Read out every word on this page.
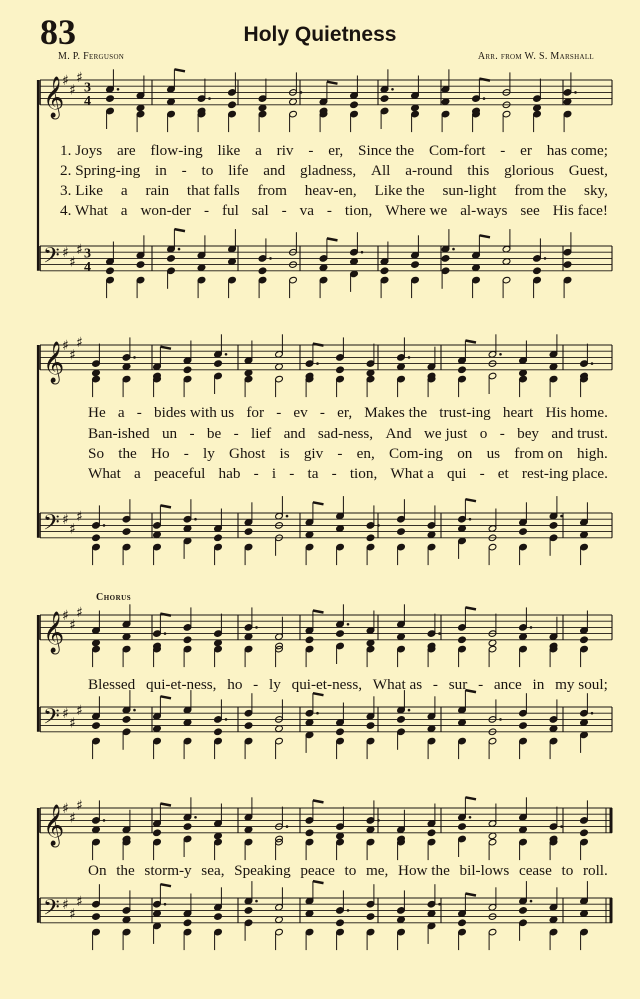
𝄞
♯
♯
♯
3
4
𝄢 ♯
♯
♯ 3
4
𝄞
♯
♯
♯
𝄢 ♯
♯
♯
𝄞
♯
♯
♯
𝄢 ♯
♯
♯
𝄞
♯
♯
♯
𝄢 ♯
♯
♯
83	Holy Quietness
M. P. Ferguson	Arr. from W. S. Marshall
1. Joys are flow-ing like a riv - er, Since the Com-fort - er has come;
2. Spring-ing in - to life and gladness, All a-round this glorious Guest,
3. Like a rain that falls from heav-en, Like the sun-light from the sky,
4. What a won-der - ful sal - va - tion, Where we al-ways see His face!
He a - bides with us for - ev - er, Makes the trust-ing heart His home.
Ban-ished un - be - lief and sad-ness, And we just o - bey and trust.
So the Ho - ly Ghost is giv - en, Com-ing on us from on high.
What a peaceful hab - i - ta - tion, What a qui - et rest-ing place.
Blessed qui-et-ness, ho - ly qui-et-ness, What as - sur - ance in my soul;
On the storm-y sea, Speaking peace to me, How the bil-lows cease to roll.
Chorus
